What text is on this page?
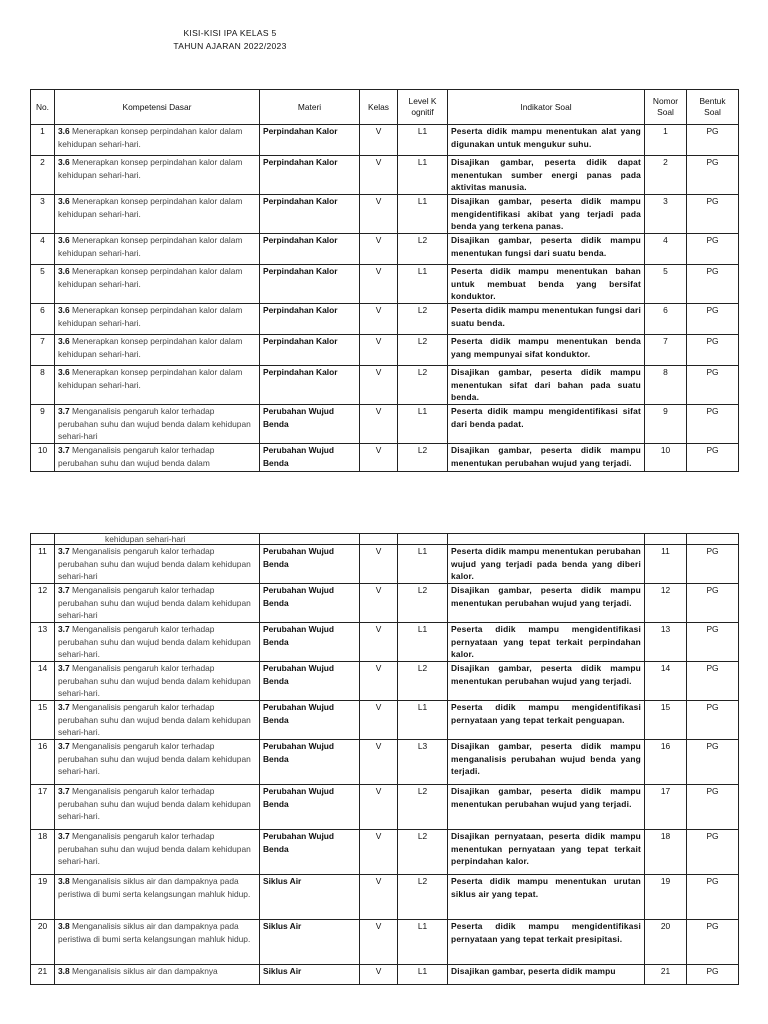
KISI-KISI IPA KELAS 5
TAHUN AJARAN 2022/2023
No.	Kompetensi Dasar	Materi	Kelas	Level K ognitif	Indikator Soal	Nomor Soal	Bentuk Soal
1	3.6 Menerapkan konsep perpindahan kalor dalam kehidupan sehari-hari.	Perpindahan Kalor	V	L1	Peserta didik mampu menentukan alat yang digunakan untuk mengukur suhu.	1	PG
2	3.6 Menerapkan konsep perpindahan kalor dalam kehidupan sehari-hari.	Perpindahan Kalor	V	L1	Disajikan gambar, peserta didik dapat menentukan sumber energi panas pada aktivitas manusia.	2	PG
3	3.6 Menerapkan konsep perpindahan kalor dalam kehidupan sehari-hari.	Perpindahan Kalor	V	L1	Disajikan gambar, peserta didik mampu mengidentifikasi akibat yang terjadi pada benda yang terkena panas.	3	PG
4	3.6 Menerapkan konsep perpindahan kalor dalam kehidupan sehari-hari.	Perpindahan Kalor	V	L2	Disajikan gambar, peserta didik mampu menentukan fungsi dari suatu benda.	4	PG
5	3.6 Menerapkan konsep perpindahan kalor dalam kehidupan sehari-hari.	Perpindahan Kalor	V	L1	Peserta didik mampu menentukan bahan untuk membuat benda yang bersifat konduktor.	5	PG
6	3.6 Menerapkan konsep perpindahan kalor dalam kehidupan sehari-hari.	Perpindahan Kalor	V	L2	Peserta didik mampu menentukan fungsi dari suatu benda.	6	PG
7	3.6 Menerapkan konsep perpindahan kalor dalam kehidupan sehari-hari.	Perpindahan Kalor	V	L2	Peserta didik mampu menentukan benda yang mempunyai sifat konduktor.	7	PG
8	3.6 Menerapkan konsep perpindahan kalor dalam kehidupan sehari-hari.	Perpindahan Kalor	V	L2	Disajikan gambar, peserta didik mampu menentukan sifat dari bahan pada suatu benda.	8	PG
9	3.7 Menganalisis pengaruh kalor terhadap perubahan suhu dan wujud benda dalam kehidupan sehari-hari	Perubahan Wujud Benda	V	L1	Peserta didik mampu mengidentifikasi sifat dari benda padat.	9	PG
10	3.7 Menganalisis pengaruh kalor terhadap perubahan suhu dan wujud benda dalam	Perubahan Wujud Benda	V	L2	Disajikan gambar, peserta didik mampu menentukan perubahan wujud yang terjadi.	10	PG
	kehidupan sehari-hari						
11	3.7 Menganalisis pengaruh kalor terhadap perubahan suhu dan wujud benda dalam kehidupan sehari-hari	Perubahan Wujud Benda	V	L1	Peserta didik mampu menentukan perubahan wujud yang terjadi pada benda yang diberi kalor.	11	PG
12	3.7 Menganalisis pengaruh kalor terhadap perubahan suhu dan wujud benda dalam kehidupan sehari-hari	Perubahan Wujud Benda	V	L2	Disajikan gambar, peserta didik mampu menentukan perubahan wujud yang terjadi.	12	PG
13	3.7 Menganalisis pengaruh kalor terhadap perubahan suhu dan wujud benda dalam kehidupan sehari-hari.	Perubahan Wujud Benda	V	L1	Peserta didik mampu mengidentifikasi pernyataan yang tepat terkait perpindahan kalor.	13	PG
14	3.7 Menganalisis pengaruh kalor terhadap perubahan suhu dan wujud benda dalam kehidupan sehari-hari.	Perubahan Wujud Benda	V	L2	Disajikan gambar, peserta didik mampu menentukan perubahan wujud yang terjadi.	14	PG
15	3.7 Menganalisis pengaruh kalor terhadap perubahan suhu dan wujud benda dalam kehidupan sehari-hari.	Perubahan Wujud Benda	V	L1	Peserta didik mampu mengidentifikasi pernyataan yang tepat terkait penguapan.	15	PG
16	3.7 Menganalisis pengaruh kalor terhadap perubahan suhu dan wujud benda dalam kehidupan sehari-hari.	Perubahan Wujud Benda	V	L3	Disajikan gambar, peserta didik mampu menganalisis perubahan wujud benda yang terjadi.	16	PG
17	3.7 Menganalisis pengaruh kalor terhadap perubahan suhu dan wujud benda dalam kehidupan sehari-hari.	Perubahan Wujud Benda	V	L2	Disajikan gambar, peserta didik mampu menentukan perubahan wujud yang terjadi.	17	PG
18	3.7 Menganalisis pengaruh kalor terhadap perubahan suhu dan wujud benda dalam kehidupan sehari-hari.	Perubahan Wujud Benda	V	L2	Disajikan pernyataan, peserta didik mampu menentukan pernyataan yang tepat terkait perpindahan kalor.	18	PG
19	3.8 Menganalisis siklus air dan dampaknya pada peristiwa di bumi serta kelangsungan mahluk hidup.	Siklus Air	V	L2	Peserta didik mampu menentukan urutan siklus air yang tepat.	19	PG
20	3.8 Menganalisis siklus air dan dampaknya pada peristiwa di bumi serta kelangsungan mahluk hidup.	Siklus Air	V	L1	Peserta didik mampu mengidentifikasi pernyataan yang tepat terkait presipitasi.	20	PG
21	3.8 Menganalisis siklus air dan dampaknya	Siklus Air	V	L1	Disajikan gambar, peserta didik mampu	21	PG
